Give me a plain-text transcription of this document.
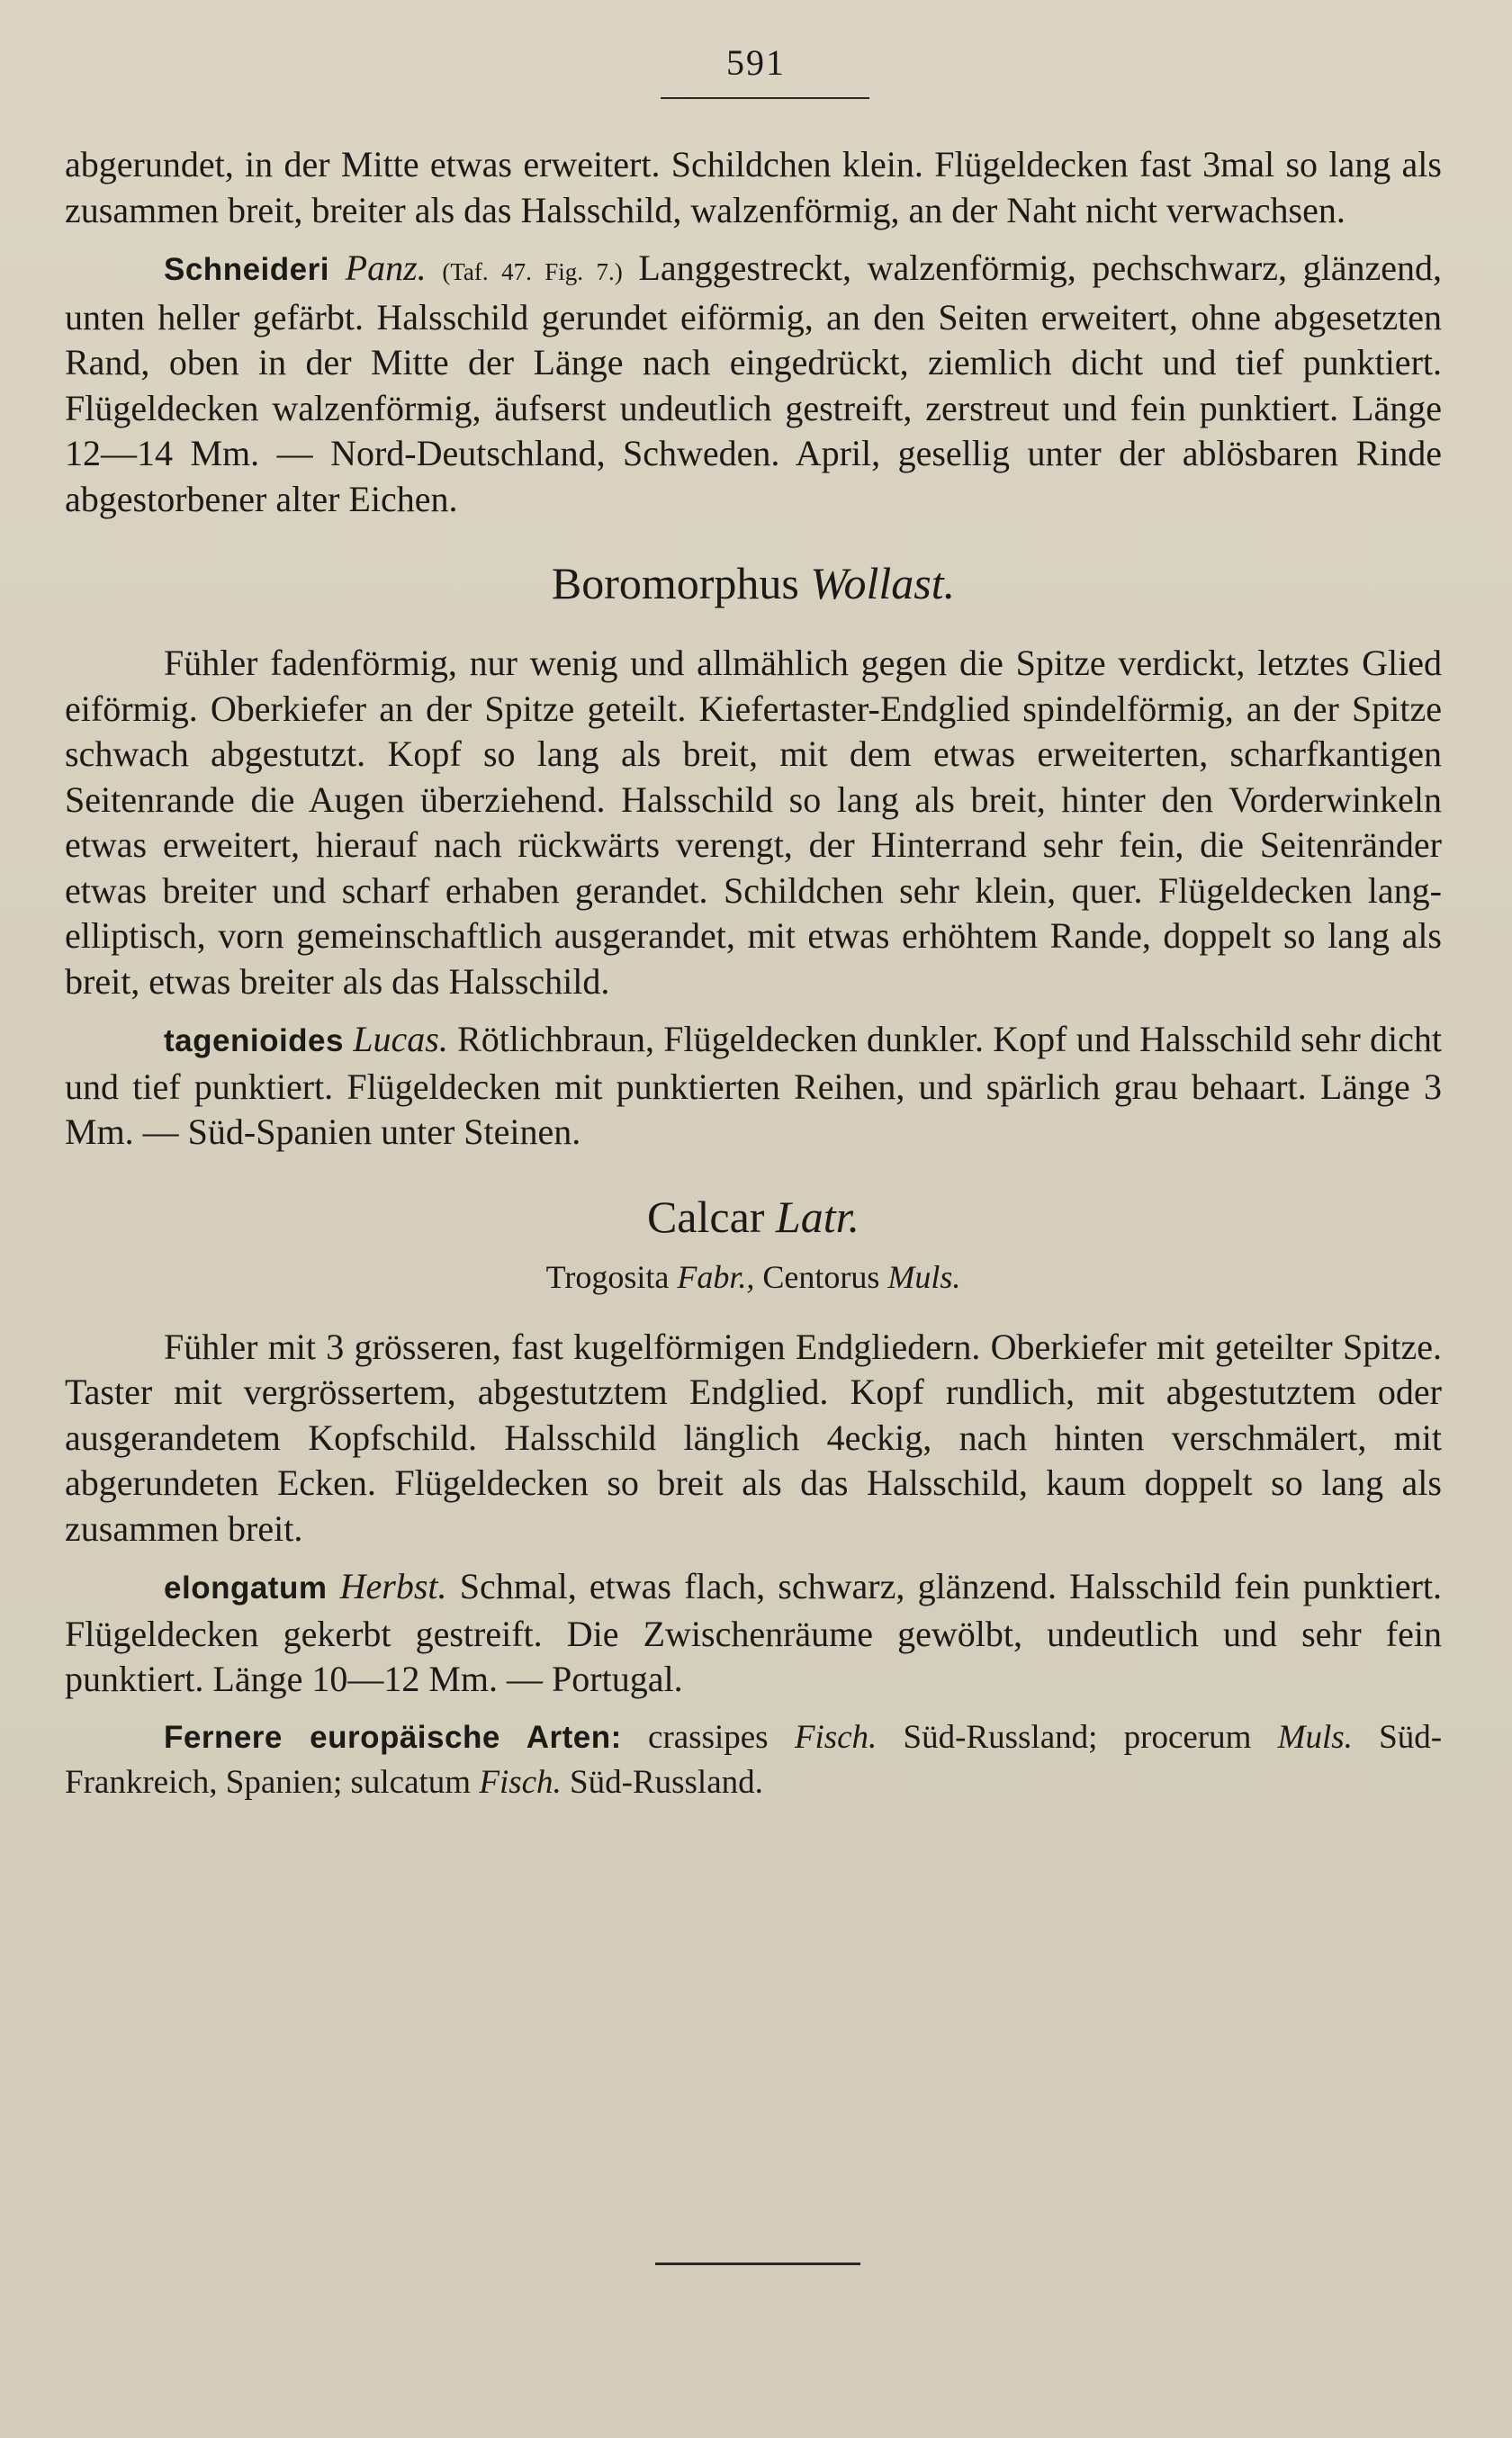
591

abgerundet, in der Mitte etwas erweitert. Schildchen klein. Flügeldecken fast 3mal so lang als zusammen breit, breiter als das Halsschild, walzenförmig, an der Naht nicht verwachsen.

Schneideri Panz. (Taf. 47. Fig. 7.) Langgestreckt, walzenförmig, pechschwarz, glänzend, unten heller gefärbt. Halsschild gerundet eiförmig, an den Seiten erweitert, ohne abgesetzten Rand, oben in der Mitte der Länge nach eingedrückt, ziemlich dicht und tief punktiert. Flügeldecken walzenförmig, äufserst undeutlich gestreift, zerstreut und fein punktiert. Länge 12—14 Mm. — Nord-Deutschland, Schweden. April, gesellig unter der ablösbaren Rinde abgestorbener alter Eichen.

Boromorphus Wollast.

Fühler fadenförmig, nur wenig und allmählich gegen die Spitze verdickt, letztes Glied eiförmig. Oberkiefer an der Spitze geteilt. Kiefertaster-Endglied spindelförmig, an der Spitze schwach abgestutzt. Kopf so lang als breit, mit dem etwas erweiterten, scharfkantigen Seitenrande die Augen überziehend. Halsschild so lang als breit, hinter den Vorderwinkeln etwas erweitert, hierauf nach rückwärts verengt, der Hinterrand sehr fein, die Seitenränder etwas breiter und scharf erhaben gerandet. Schildchen sehr klein, quer. Flügeldecken lang-elliptisch, vorn gemeinschaftlich ausgerandet, mit etwas erhöhtem Rande, doppelt so lang als breit, etwas breiter als das Halsschild.

tagenioides Lucas. Rötlichbraun, Flügeldecken dunkler. Kopf und Halsschild sehr dicht und tief punktiert. Flügeldecken mit punktierten Reihen, und spärlich grau behaart. Länge 3 Mm. — Süd-Spanien unter Steinen.

Calcar Latr.

Trogosita Fabr., Centorus Muls.

Fühler mit 3 grösseren, fast kugelförmigen Endgliedern. Oberkiefer mit geteilter Spitze. Taster mit vergrössertem, abgestutztem Endglied. Kopf rundlich, mit abgestutztem oder ausgerandetem Kopfschild. Halsschild länglich 4eckig, nach hinten verschmälert, mit abgerundeten Ecken. Flügeldecken so breit als das Halsschild, kaum doppelt so lang als zusammen breit.

elongatum Herbst. Schmal, etwas flach, schwarz, glänzend. Halsschild fein punktiert. Flügeldecken gekerbt gestreift. Die Zwischenräume gewölbt, undeutlich und sehr fein punktiert. Länge 10—12 Mm. — Portugal.

Fernere europäische Arten: crassipes Fisch. Süd-Russland; procerum Muls. Süd-Frankreich, Spanien; sulcatum Fisch. Süd-Russland.
